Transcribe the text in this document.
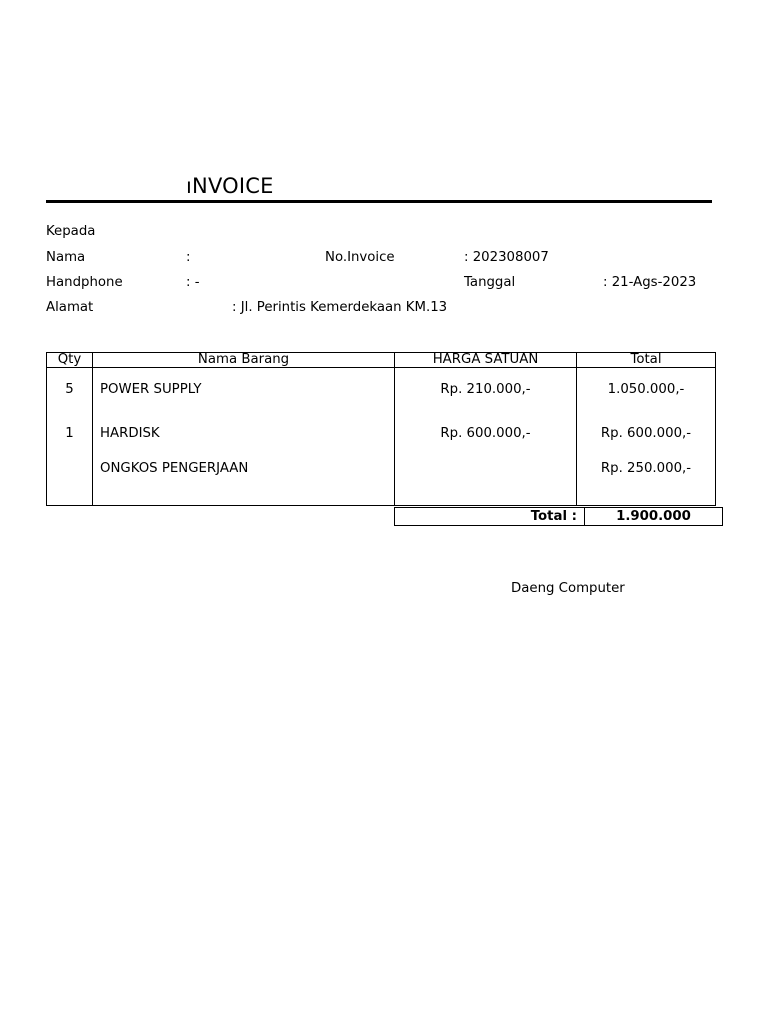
ıNVOICE
Kepada
Nama	:	No.Invoice	: 202308007
Handphone	: -	Tanggal	: 21-Ags-2023
Alamat	: Jl. Perintis Kemerdekaan KM.13
Qty	Nama Barang	HARGA SATUAN	Total
5	POWER SUPPLY	Rp. 210.000,-	1.050.000,-
1	HARDISK	Rp. 600.000,-	Rp. 600.000,-
	ONGKOS PENGERJAAN		Rp. 250.000,-
Total :	1.900.000
Daeng Computer
